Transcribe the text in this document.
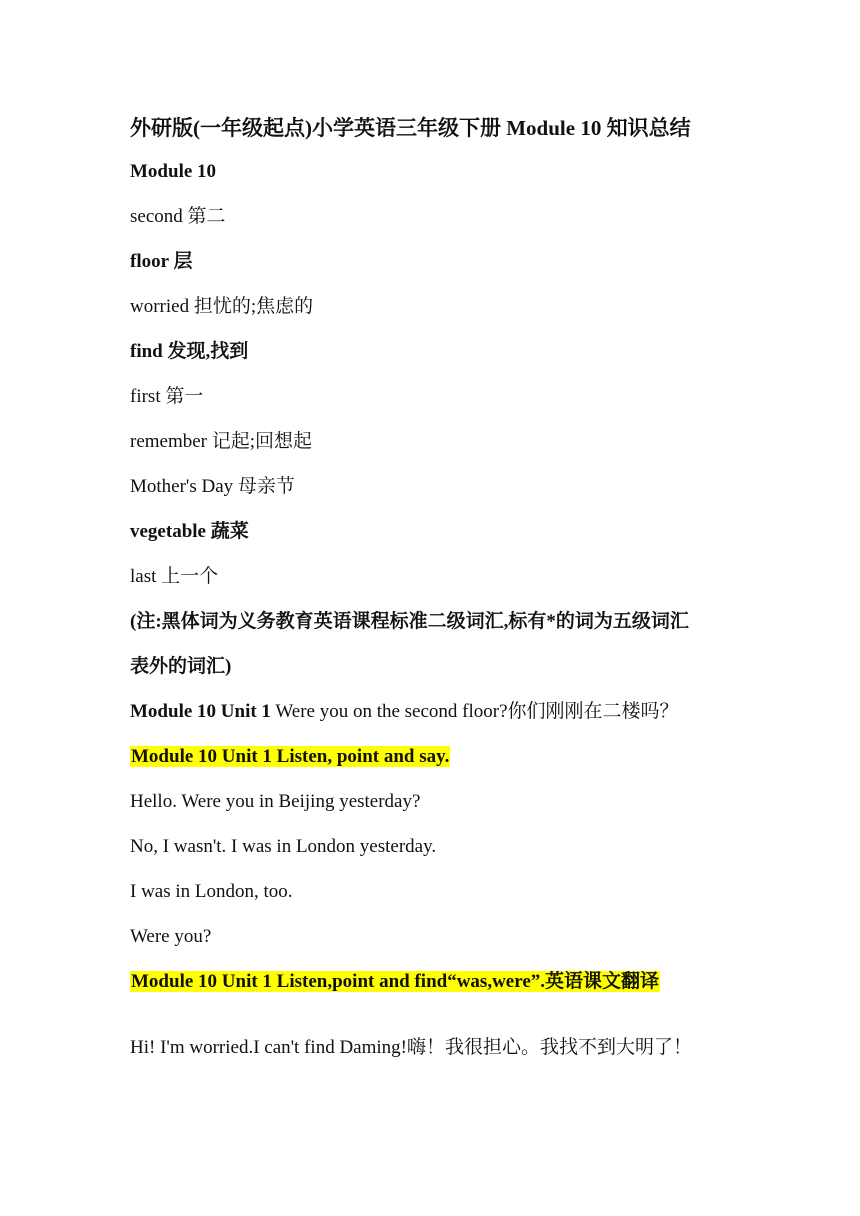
外研版(一年级起点)小学英语三年级下册 Module 10 知识总结
Module 10
second 第二
floor 层
worried 担忧的;焦虑的
find 发现,找到
first 第一
remember 记起;回想起
Mother's Day 母亲节
vegetable 蔬菜
last 上一个
(注:黑体词为义务教育英语课程标准二级词汇,标有*的词为五级词汇
表外的词汇)
Module 10 Unit 1 Were you on the second floor?你们刚刚在二楼吗？
Module 10 Unit 1 Listen, point and say.
Hello. Were you in Beijing yesterday?
No, I wasn't. I was in London yesterday.
I was in London, too.
Were you?
Module 10 Unit 1 Listen,point and find“was,were”.英语课文翻译
Hi! I'm worried.I can't find Daming!嗨！我很担心。我找不到大明了！
